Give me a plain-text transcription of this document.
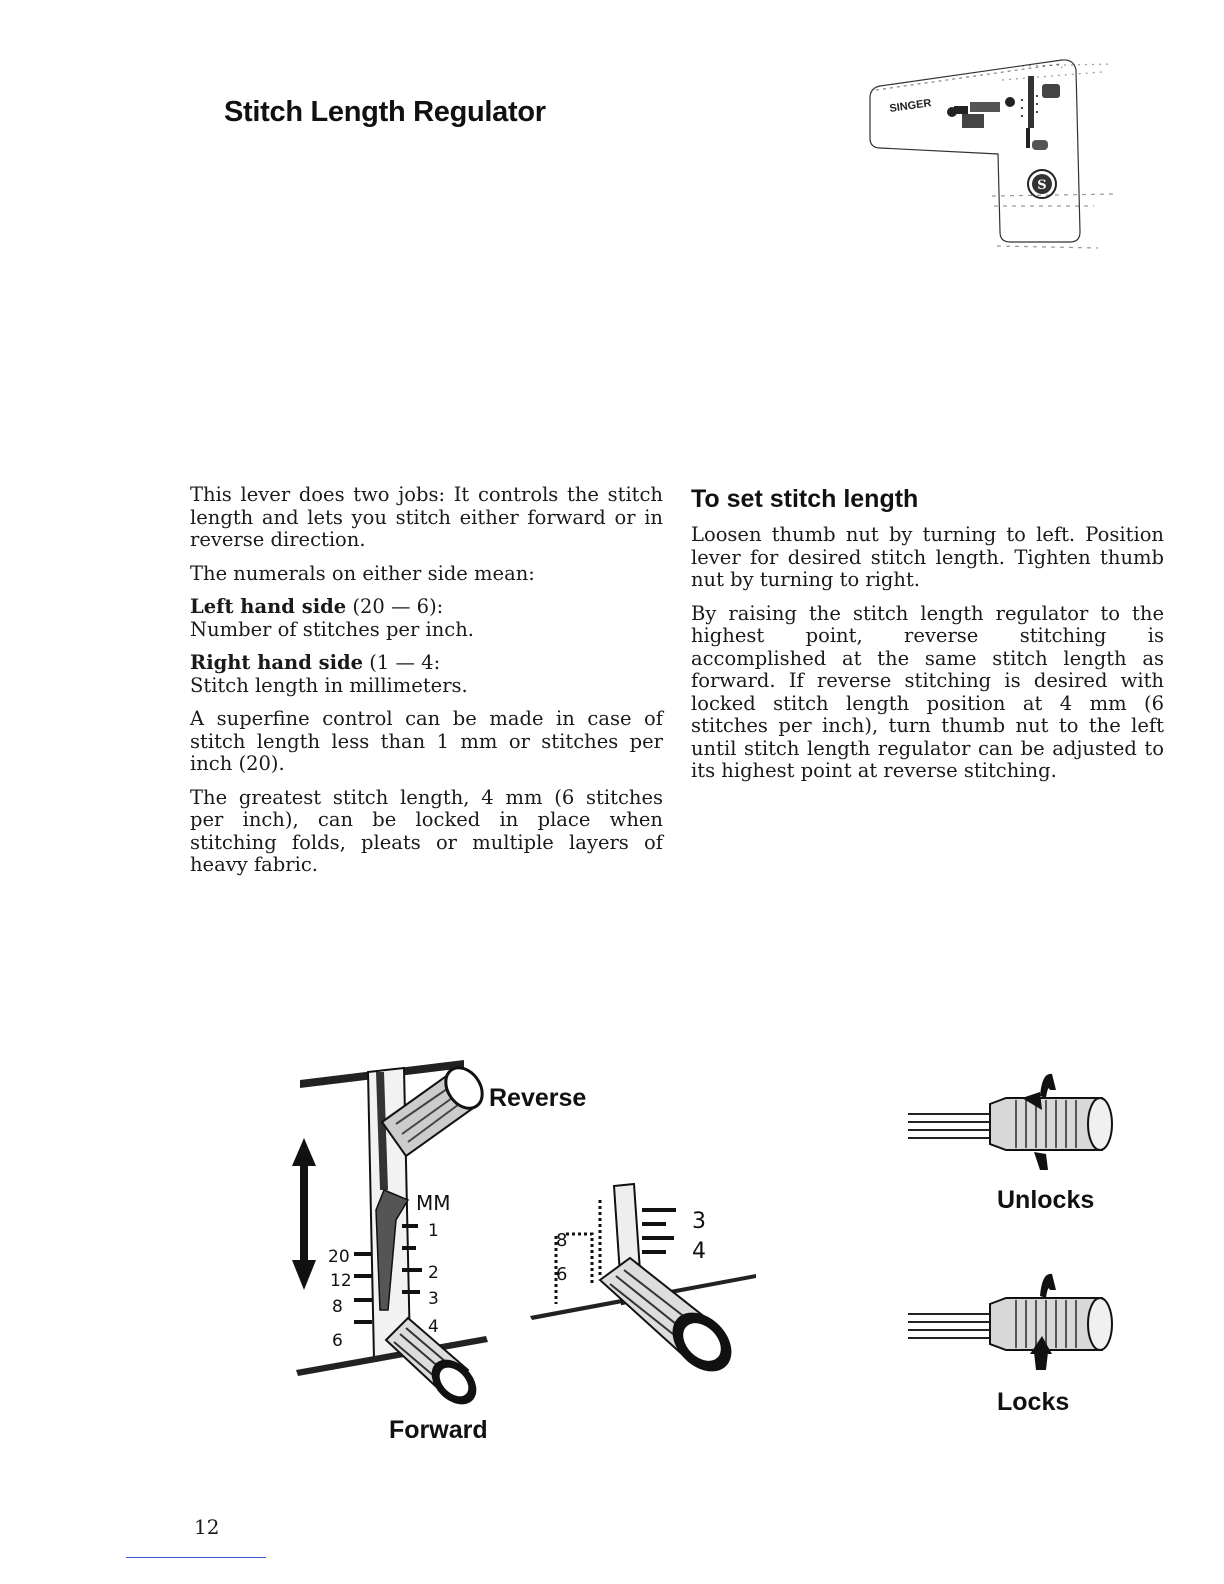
Stitch Length Regulator	SINGER
S

This lever does two jobs: It controls the stitch length and lets you stitch either forward or in reverse direction.

The numerals on either side mean:

Left hand side (20 — 6):

Number of stitches per inch.

Right hand side (1 — 4:

Stitch length in millimeters.

A superfine control can be made in case of stitch length less than 1 mm or stitches per inch (20).

The greatest stitch length, 4 mm (6 stitches per inch), can be locked in place when stitching folds, pleats or multiple layers of heavy fabric.

To set stitch length

Loosen thumb nut by turning to left. Position lever for desired stitch length. Tighten thumb nut by turning to right.

By raising the stitch length regulator to the highest point, reverse stitching is accomplished at the same stitch length as forward. If reverse stitching is desired with locked stitch length position at 4 mm (6 stitches per inch), turn thumb nut to the left until stitch length regulator can be adjusted to its highest point at reverse stitching.

MM
1
2
3
4
20
12
8
6
Reverse
Forward
3
4
8
6
Unlocks
Locks
12
